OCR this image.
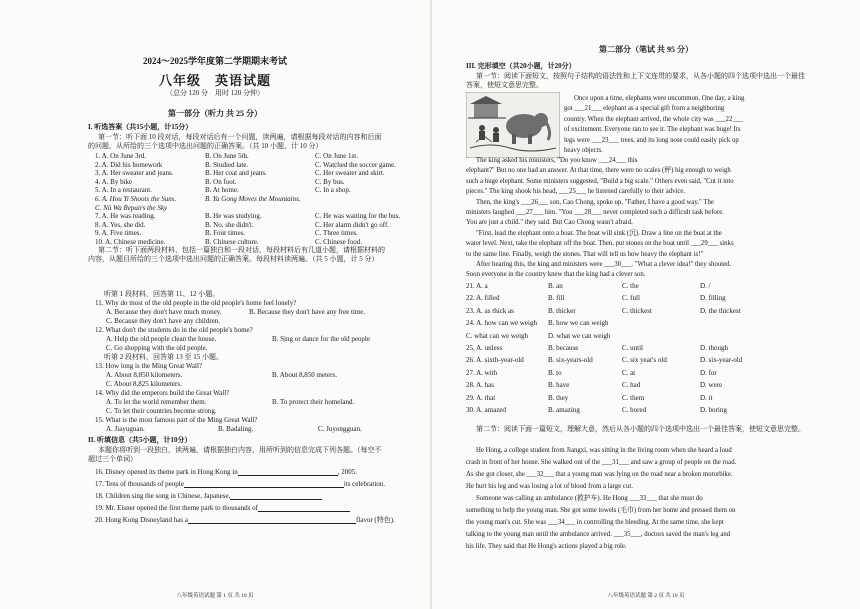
2024～2025学年度第二学期期末考试
八年级　英语试题
（总分 120 分　用时 120 分钟）
第一部分（听力 共 25 分）
I. 听选答案（共15小题，计15分）
第一节：听下面 10 段对话，每段对话后有一个问题，读两遍，请根据每段对话的内容和后面的问题，从所给的三个选项中选出问题的正确答案。（共 10 小题，计 10 分）
1. A. On June 3rd.	B. On June 5th.	C. On June 1st.
2. A. Did his homework	B. Studied late.	C. Watched the soccer game.
3. A. Her sweater and jeans.	B. Her coat and jeans.	C. Her sweater and skirt.
4. A. By bike	B. On foot.	C. By bus.
5. A. In a restaurant.	B. At home.	C. In a shop.
6. A. Hou Yi Shoots the Suns.	B. Yu Gong Moves the Mountains.
C. Nü Wa Repairs the Sky
7. A. He was reading.	B. He was studying.	C. He was waiting for the bus.
8. A. Yes, she did.	B. No, she didn't.	C. Her alarm didn't go off.
9. A. Five times.	B. Four times.	C. Three times.
10. A. Chinese medicine.	B. Chinese culture.	C. Chinese food.
第二节：听下面两段材料，包括一篇独白和一段对话，每段材料后有几道小题，请根据材料的内容，从题目所给的三个选项中选出问题的正确答案。每段材料读两遍。（共 5 小题，计 5 分）
听第 1 段材料，回答第 11、12 小题。
11. Why do most of the old people in the old people's home feel lonely?
A. Because they don't have much money.	B. Because they don't have any free time.
C. Because they don't have any children.
12. What don't the students do in the old people's home?
A. Help the old people clean the house.	B. Sing or dance for the old people
C. Go shopping with the old people.
听第 2 段材料，回答第 13 至 15 小题。
13. How long is the Ming Great Wall?
A. About 8,850 kilometers.	B. About 8,850 meters.
C. About 8,825 kilometers.
14. Why did the emperors build the Great Wall?
A. To let the world remember them.	B. To protect their homeland.
C. To let their countries become strong.
15. What is the most famous part of the Ming Great Wall?
A. Jiayuguan.	B. Badaling.	C. Juyongguan.
II. 听填信息（共5小题，计10分）
本题你将听到一段独白，读两遍，请根据独白内容，用所听到的信息完成下列各题。（每空不超过三个单词）
16. Disney opened its theme park in Hong Kong in	, 2005.
17. Tens of thousands of people	its celebration.
18. Children sing the song in Chinese, Japanese,
19. Mr. Eisner opened the first theme park to thousands of
20. Hong Kong Disneyland has a	flavor (特色).
八年级英语试题 第 1 页 共 10 页
第二部分（笔试 共 95 分）
III. 完形填空（共20小题，计20分）
第一节：阅读下面短文，按照句子结构的语法性和上下文连贯的要求，从各小题的四个选项中选出一个最佳答案，使短文意思完整。
Once upon a time, elephants were uncommon. One day, a king
got ___21___ elephant as a special gift from a neighboring
country. When the elephant arrived, the whole city was ___22___
of excitement. Everyone ran to see it. The elephant was huge! Its
legs were ___23___ trees, and its long nose could easily pick up
heavy objects.
The king asked his ministers, "Do you know ___24___ this
elephant?" But no one had an answer. At that time, there were no scales (秤) big enough to weigh
such a huge elephant. Some ministers suggested, "Build a big scale." Others even said, "Cut it into
pieces." The king shook his head, ___25___ he listened carefully to their advice.
Then, the king's ___26___ son, Cao Chong, spoke up, "Father, I have a good way." The
ministers laughed ___27___ him. "You ___28___ never completed such a difficult task before.
You are just a child." they said. But Cao Chong wasn't afraid.
"First, lead the elephant onto a boat. The boat will sink (沉). Draw a line on the boat at the
water level. Next, take the elephant off the boat. Then, put stones on the boat until ___29___ sinks
to the same line. Finally, weigh the stones. That will tell us how heavy the elephant is!"
After hearing this, the king and ministers were ___30___. "What a clever idea!" they shouted.
Soon everyone in the country knew that the king had a clever son.
21. A. a	B. an	C. the	D. /
22. A. filled	B. fill	C. full	D. filling
23. A. as thick as	B. thicker	C. thickest	D. the thickest
24. A. how can we weigh B. how we can weigh
C. what can we weigh	D. what we can weigh
25. A. unless	B. because	C. until	D. though
26. A. sixth-year-old	B. six-years-old	C. six year's old	D. six-year-old
27. A. with	B. to	C. at	D. for
28. A. has	B. have	C. had	D. were
29. A. that	B. they	C. them	D. it
30. A. amazed	B. amazing	C. bored	D. boring
第二节：阅读下面一篇短文，理解大意，然后从各小题的四个选项中选出一个最佳答案，使短文意思完整。
He Hong, a college student from Jiangxi, was sitting in the living room when she heard a loud
crash in front of her house. She walked out of the ___31___ and saw a group of people on the road.
As she got closer, she ___32___ that a young man was lying on the road near a broken motorbike.
He hurt his leg and was losing a lot of blood from a large cut.
Someone was calling an ambulance (救护车). He Hong ___33___ that she must do
something to help the young man. She got some towels (毛巾) from her home and pressed them on
the young man's cut. She was ___34___ in controlling the bleeding. At the same time, she kept
talking to the young man until the ambulance arrived. ___35___, doctors saved the man's leg and
his life. They said that He Hong's actions played a big role.
八年级英语试题 第 2 页 共 10 页
